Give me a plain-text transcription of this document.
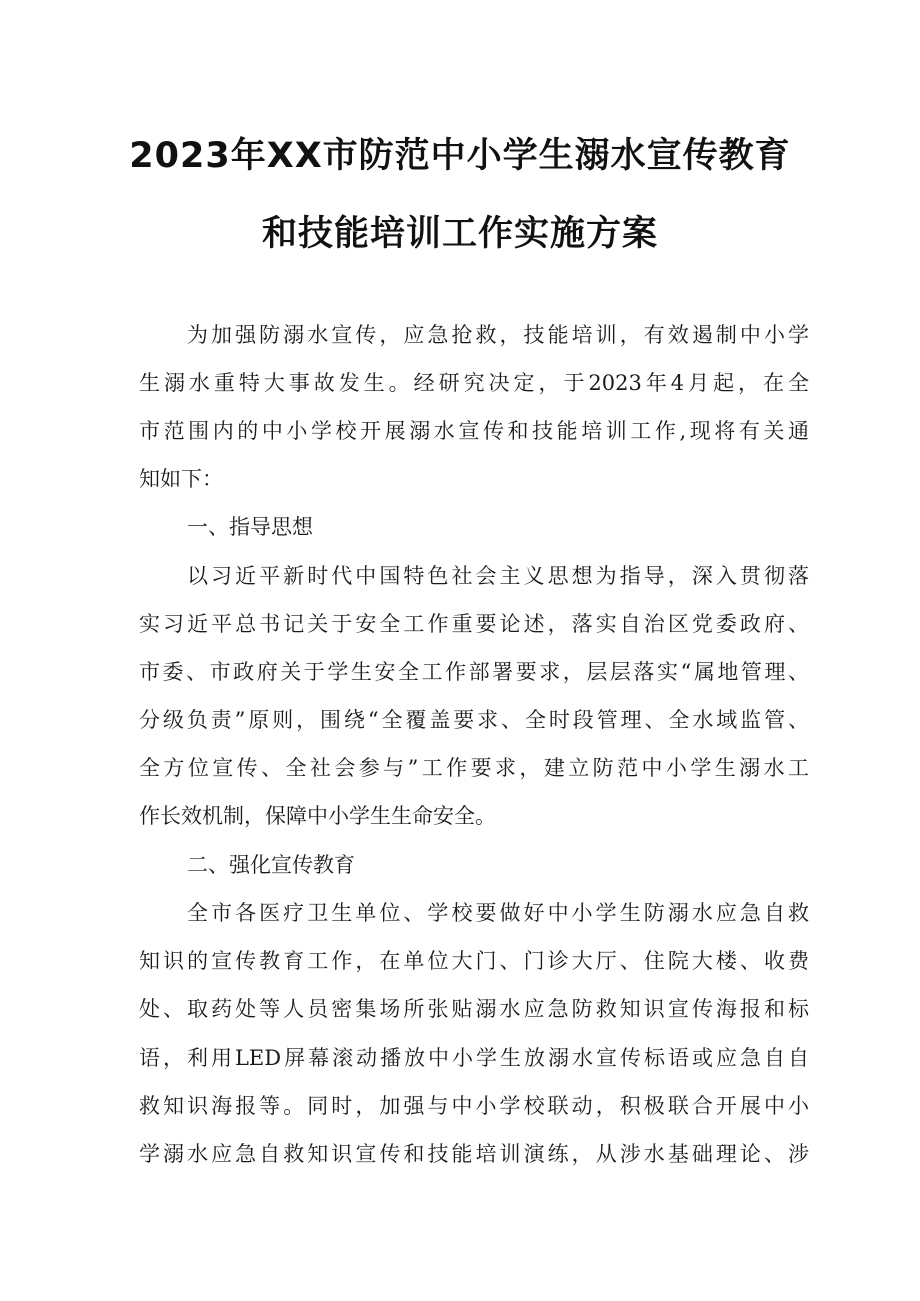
2023年XX市防范中小学生溺水宣传教育
和技能培训工作实施方案
为加强防溺水宣传，应急抢救，技能培训，有效遏制中小学
生溺水重特大事故发生。经研究决定，于2023年4月起，在全
市范围内的中小学校开展溺水宣传和技能培训工作,现将有关通
知如下：
一、指导思想
以习近平新时代中国特色社会主义思想为指导，深入贯彻落
实习近平总书记关于安全工作重要论述，落实自治区党委政府、
市委、市政府关于学生安全工作部署要求，层层落实“属地管理、
分级负责”原则，围绕“全覆盖要求、全时段管理、全水域监管、
全方位宣传、全社会参与”工作要求，建立防范中小学生溺水工
作长效机制，保障中小学生生命安全。
二、强化宣传教育
全市各医疗卫生单位、学校要做好中小学生防溺水应急自救
知识的宣传教育工作，在单位大门、门诊大厅、住院大楼、收费
处、取药处等人员密集场所张贴溺水应急防救知识宣传海报和标
语，利用LED屏幕滚动播放中小学生放溺水宣传标语或应急自自
救知识海报等。同时，加强与中小学校联动，积极联合开展中小
学溺水应急自救知识宣传和技能培训演练，从涉水基础理论、涉
